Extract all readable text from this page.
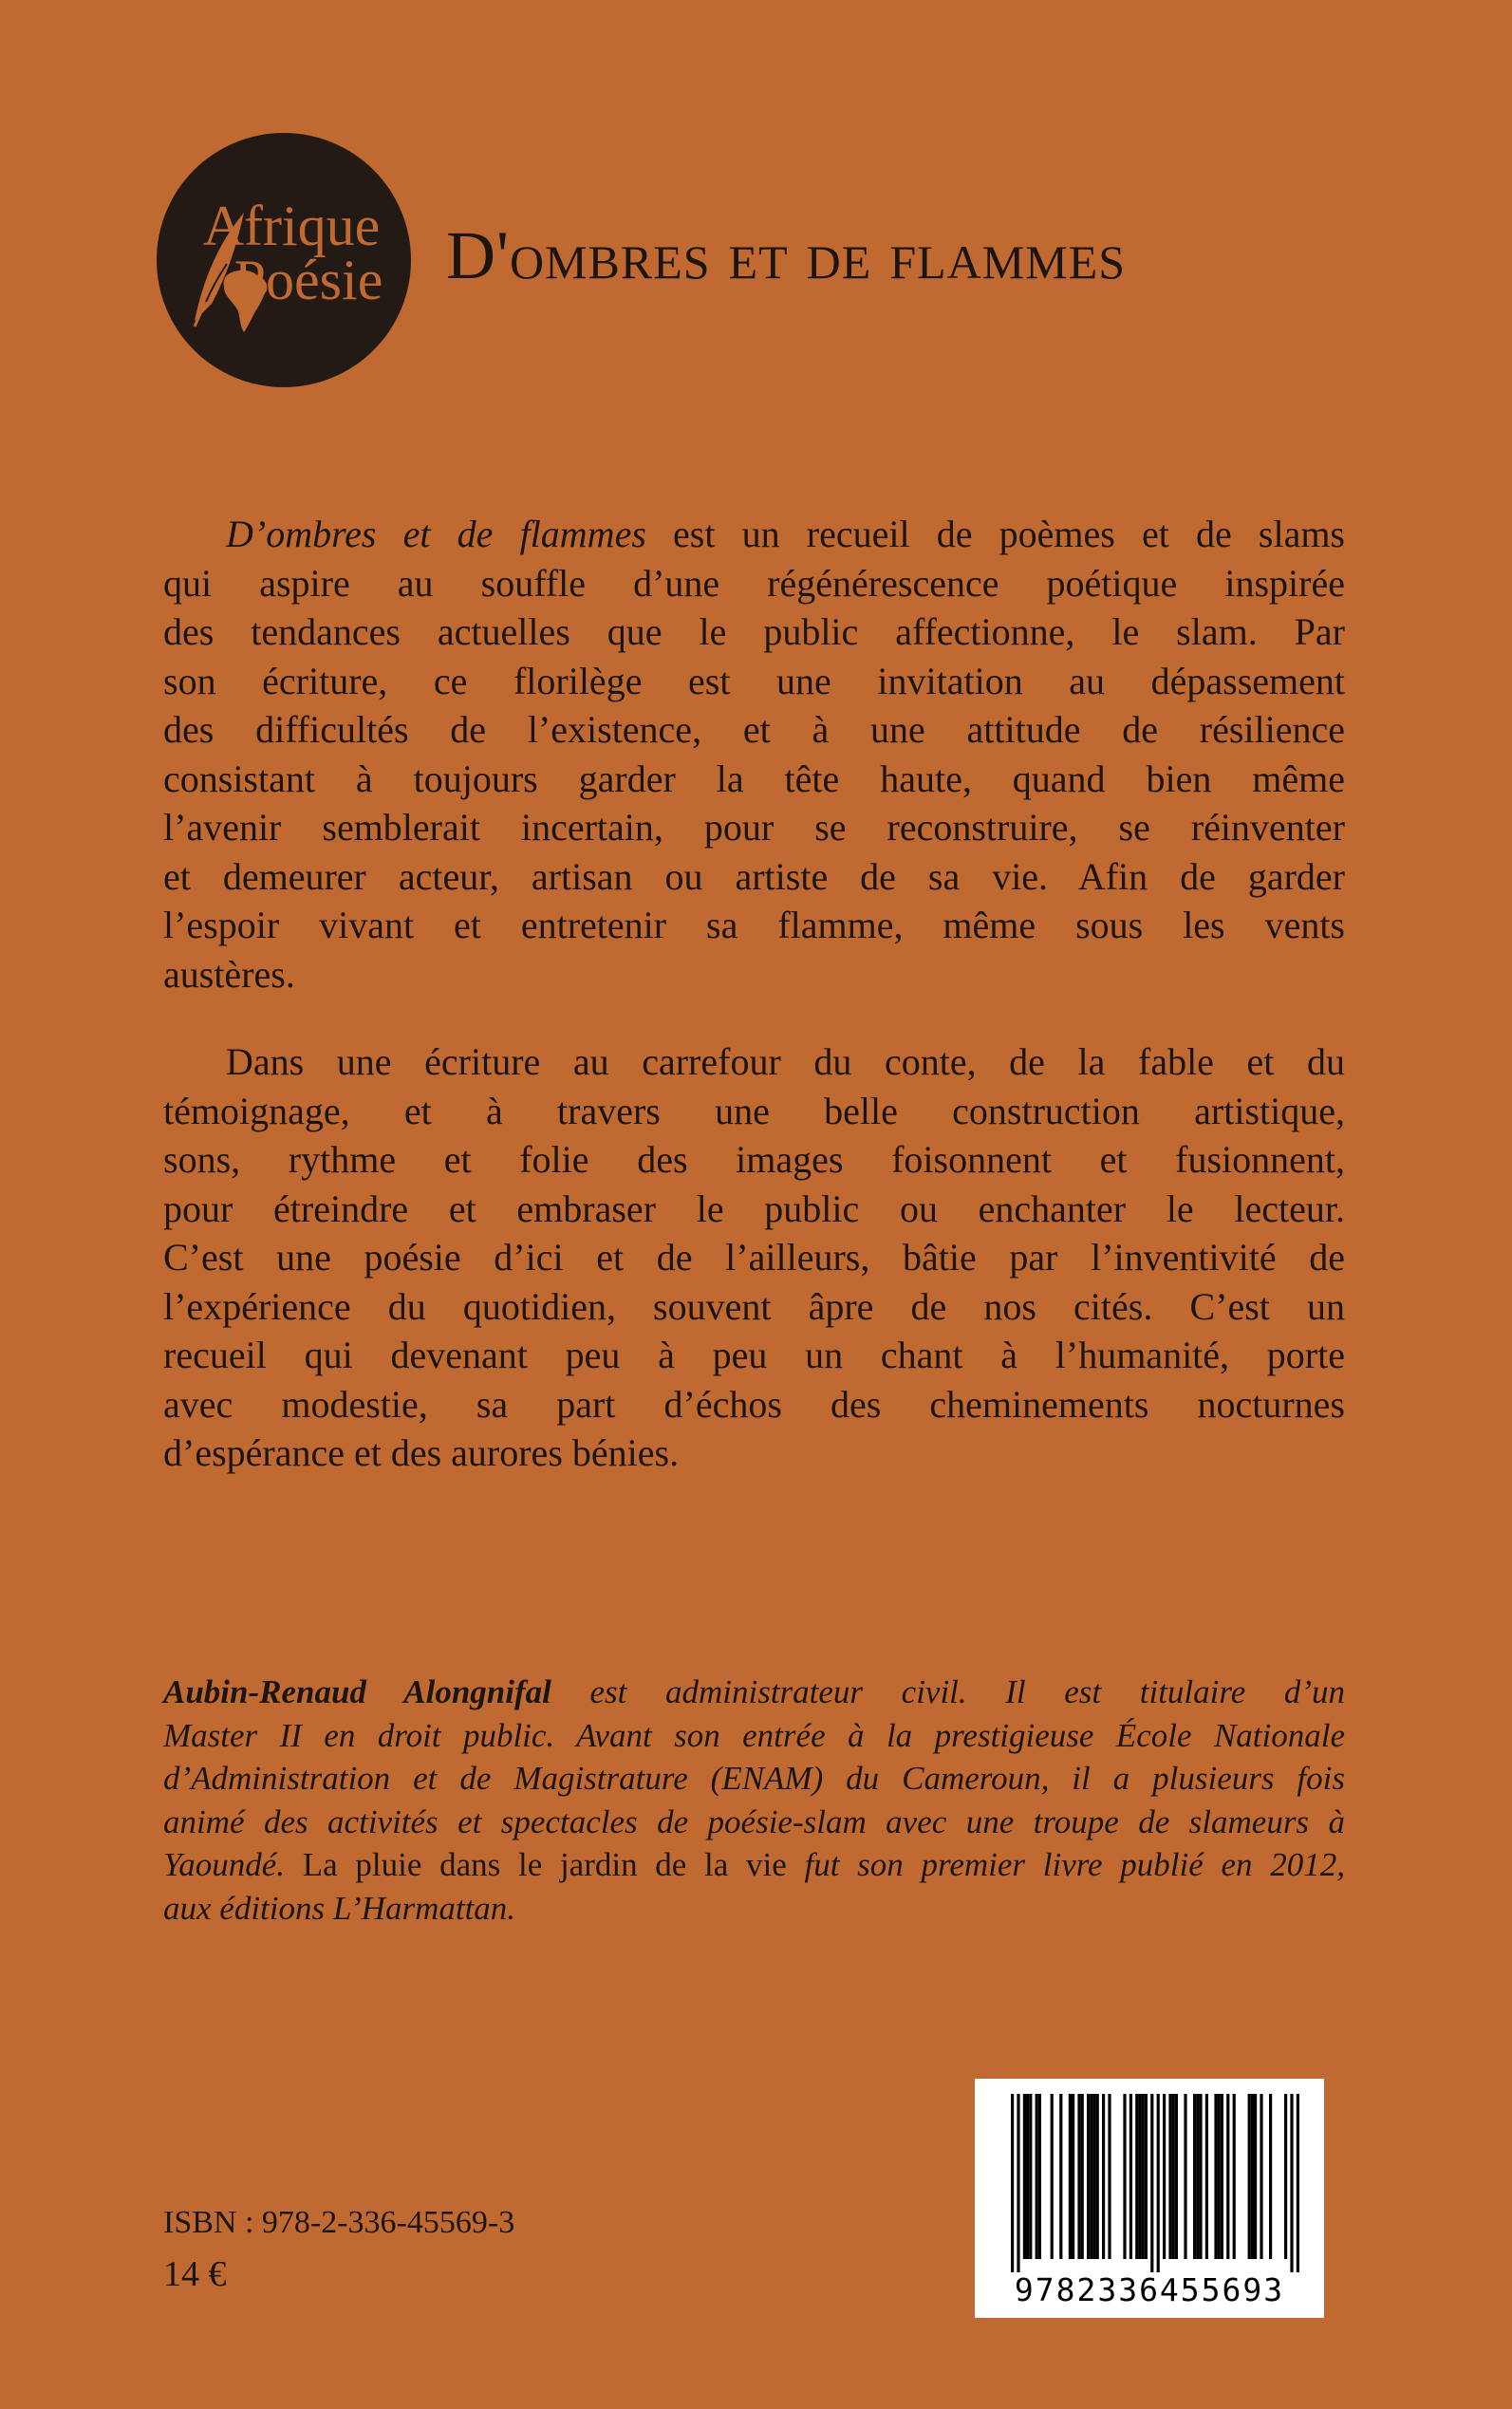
Afrique
Poésie D'ombres et de flammes
D’ombres et de flammes est un recueil de poèmes et de slams
qui aspire au souffle d’une régénérescence poétique inspirée
des tendances actuelles que le public affectionne, le slam. Par
son écriture, ce florilège est une invitation au dépassement
des difficultés de l’existence, et à une attitude de résilience
consistant à toujours garder la tête haute, quand bien même
l’avenir semblerait incertain, pour se reconstruire, se réinventer
et demeurer acteur, artisan ou artiste de sa vie. Afin de garder
l’espoir vivant et entretenir sa flamme, même sous les vents
austères.
Dans une écriture au carrefour du conte, de la fable et du
témoignage, et à travers une belle construction artistique,
sons, rythme et folie des images foisonnent et fusionnent,
pour étreindre et embraser le public ou enchanter le lecteur.
C’est une poésie d’ici et de l’ailleurs, bâtie par l’inventivité de
l’expérience du quotidien, souvent âpre de nos cités. C’est un
recueil qui devenant peu à peu un chant à l’humanité, porte
avec modestie, sa part d’échos des cheminements nocturnes
d’espérance et des aurores bénies.
Aubin-Renaud Alongnifal est administrateur civil. Il est titulaire d’un
Master II en droit public. Avant son entrée à la prestigieuse École Nationale
d’Administration et de Magistrature (ENAM) du Cameroun, il a plusieurs fois
animé des activités et spectacles de poésie-slam avec une troupe de slameurs à
Yaoundé. La pluie dans le jardin de la vie fut son premier livre publié en 2012,
aux éditions L’Harmattan.
ISBN : 978-2-336-45569-3
14 €	9782336455693
